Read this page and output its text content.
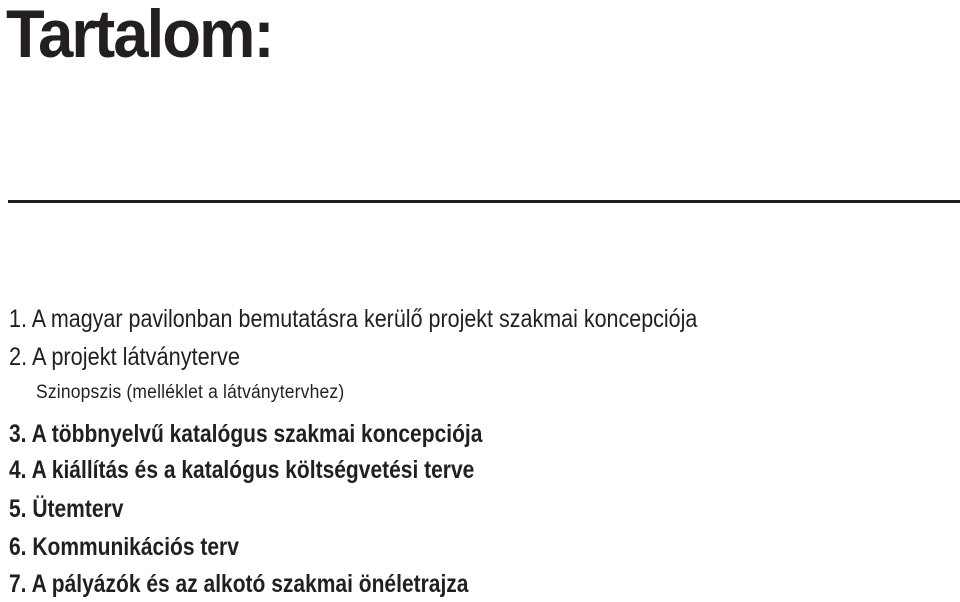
Tartalom:
1. A magyar pavilonban bemutatásra kerülő projekt szakmai koncepciója
2. A projekt látványterve
Szinopszis (melléklet a látványtervhez)
3. A többnyelvű katalógus szakmai koncepciója
4. A kiállítás és a katalógus költségvetési terve
5. Ütemterv
6. Kommunikációs terv
7. A pályázók és az alkotó szakmai önéletrajza
